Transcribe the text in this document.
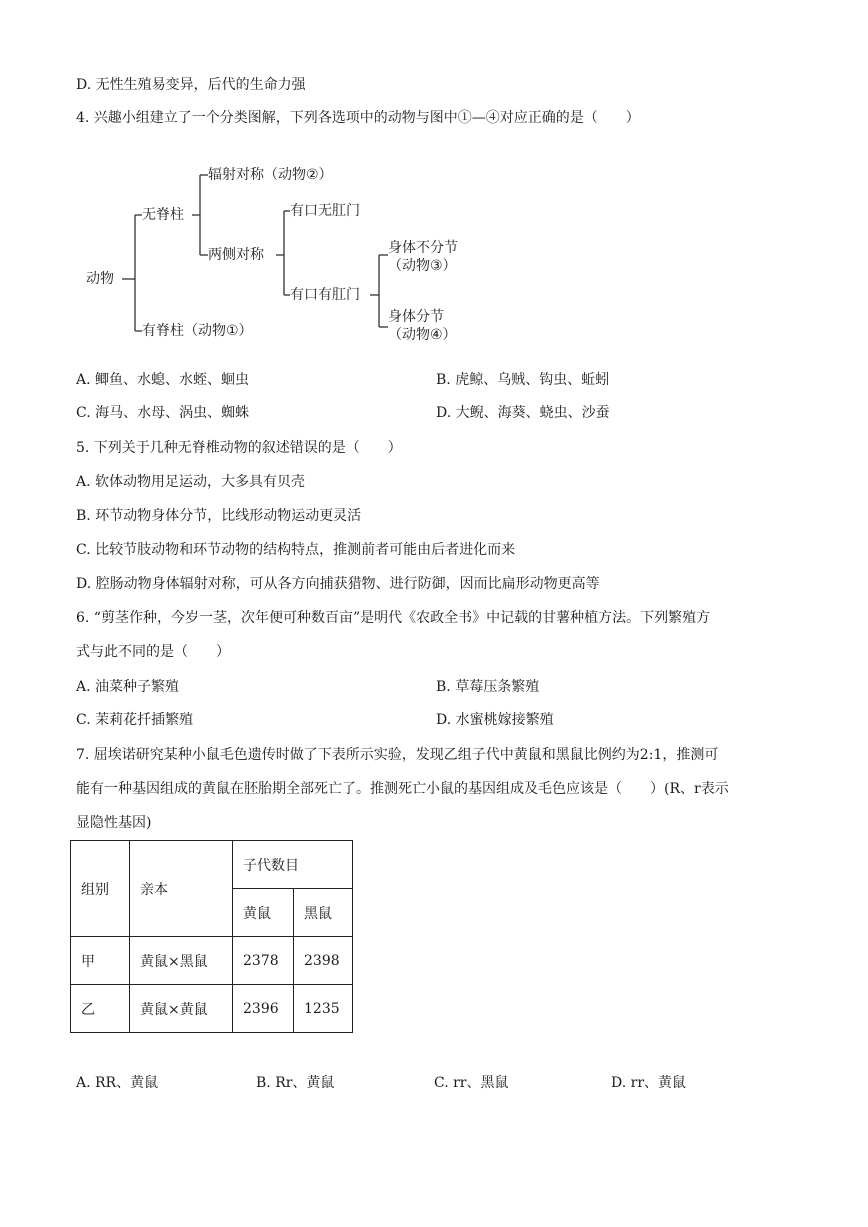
D. 无性生殖易变异，后代的生命力强
4. 兴趣小组建立了一个分类图解，下列各选项中的动物与图中①—④对应正确的是（　　）
动物
无脊柱
有脊柱（动物①）
辐射对称（动物②）
两侧对称
有口无肛门
有口有肛门
身体不分节
（动物③）
身体分节
（动物④）
A. 鲫鱼、水螅、水蛭、蛔虫	B. 虎鲸、乌贼、钩虫、蚯蚓
C. 海马、水母、涡虫、蜘蛛	D. 大鲵、海葵、蛲虫、沙蚕
5. 下列关于几种无脊椎动物的叙述错误的是（　　）
A. 软体动物用足运动，大多具有贝壳
B. 环节动物身体分节，比线形动物运动更灵活
C. 比较节肢动物和环节动物的结构特点，推测前者可能由后者进化而来
D. 腔肠动物身体辐射对称，可从各方向捕获猎物、进行防御，因而比扁形动物更高等
6. “剪茎作种，今岁一茎，次年便可种数百亩”是明代《农政全书》中记载的甘薯种植方法。下列繁殖方
式与此不同的是（　　）
A. 油菜种子繁殖	B. 草莓压条繁殖
C. 茉莉花扦插繁殖	D. 水蜜桃嫁接繁殖
7. 屈埃诺研究某种小鼠毛色遗传时做了下表所示实验，发现乙组子代中黄鼠和黑鼠比例约为2:1，推测可
能有一种基因组成的黄鼠在胚胎期全部死亡了。推测死亡小鼠的基因组成及毛色应该是（　　）(R、r表示
显隐性基因)
组别	亲本	子代数目	
		黄鼠	黑鼠
甲	黄鼠×黑鼠	2378	2398
乙	黄鼠×黄鼠	2396	1235
A. RR、黄鼠	B. Rr、黄鼠	C. rr、黑鼠	D. rr、黄鼠
